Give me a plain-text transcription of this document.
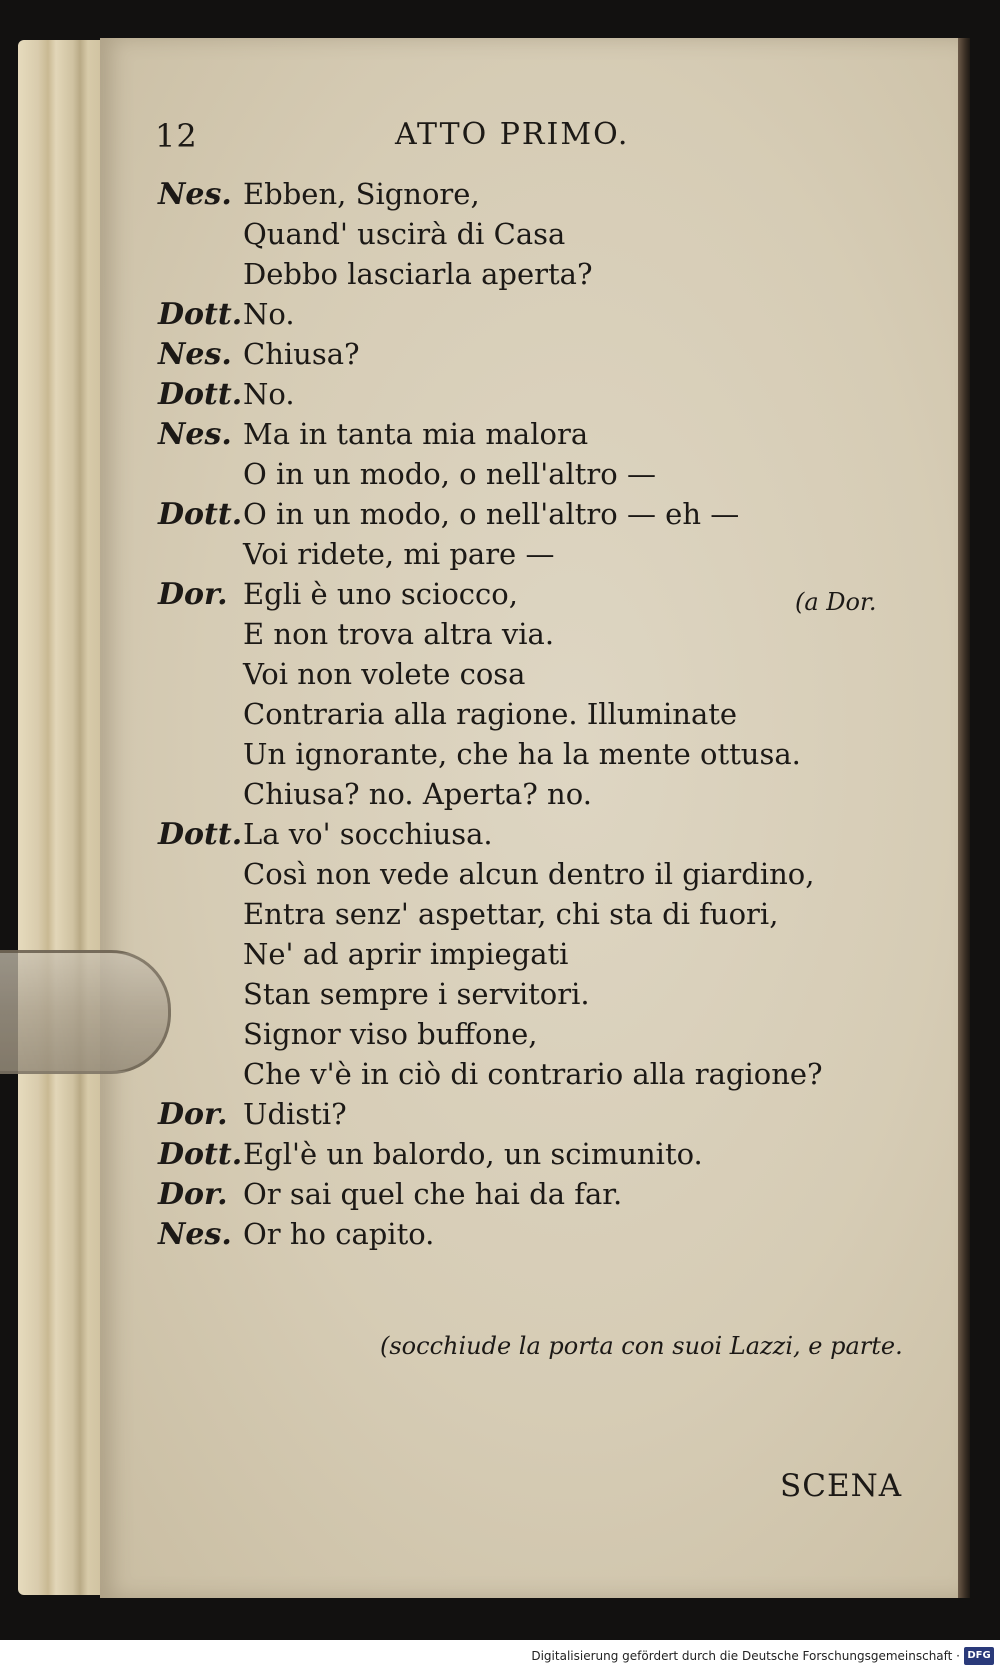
12	ATTO PRIMO.
Nes. Ebben, Signore,
Quand' uscirà di Casa
Debbo lasciarla aperta?
Dott. No.
Nes. Chiusa?
Dott. No.
Nes. Ma in tanta mia malora
O in un modo, o nell'altro —
Dott. O in un modo, o nell'altro — eh —
Voi ridete, mi pare —
Dor. Egli è uno sciocco,
E non trova altra via.
Voi non volete cosa
Contraria alla ragione. Illuminate
Un ignorante, che ha la mente ottusa.
Chiusa? no. Aperta? no.
Dott. La vo' socchiusa.
Così non vede alcun dentro il giardino,
Entra senz' aspettar, chi sta di fuori,
Ne' ad aprir impiegati
Stan sempre i servitori.
Signor viso buffone,
Che v'è in ciò di contrario alla ragione?
Dor. Udisti?
Dott. Egl'è un balordo, un scimunito.
Dor. Or sai quel che hai da far.
Nes. Or ho capito.
(a Dor.
(socchiude la porta con suoi Lazzi, e parte.
SCENA
Digitalisierung gefördert durch die Deutsche Forschungsgemeinschaft · DFG
